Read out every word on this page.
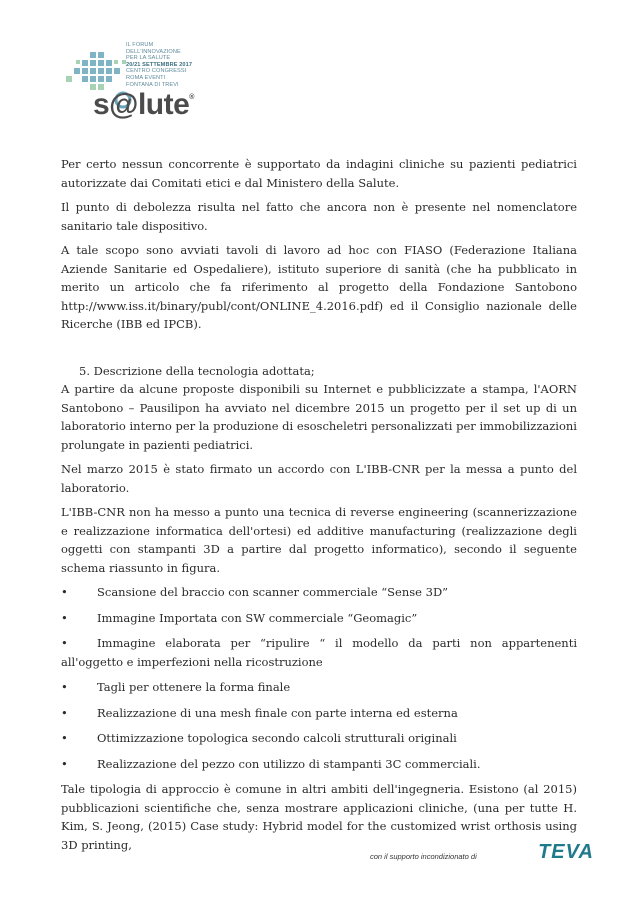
IL FORUM
DELL'INNOVAZIONE
PER LA SALUTE
20/21 SETTEMBRE 2017
CENTRO CONGRESSI
ROMA EVENTI
FONTANA DI TREVI
s@lute®

Per certo nessun concorrente è supportato da indagini cliniche su pazienti pediatrici autorizzate dai Comitati etici e dal Ministero della Salute.

Il punto di debolezza risulta nel fatto che ancora non è presente nel nomenclatore sanitario tale dispositivo.

A tale scopo sono avviati tavoli di lavoro ad hoc con FIASO (Federazione Italiana Aziende Sanitarie ed Ospedaliere), istituto superiore di sanità (che ha pubblicato in merito un articolo che fa riferimento al progetto della Fondazione Santobono http://www.iss.it/binary/publ/cont/ONLINE_4.2016.pdf) ed il Consiglio nazionale delle Ricerche (IBB ed IPCB).

5. Descrizione della tecnologia adottata;

A partire da alcune proposte disponibili su Internet e pubblicizzate a stampa, l'AORN Santobono – Pausilipon ha avviato nel dicembre 2015 un progetto per il set up di un laboratorio interno per la produzione di esoscheletri personalizzati per immobilizzazioni prolungate in pazienti pediatrici.

Nel marzo 2015 è stato firmato un accordo con L'IBB-CNR per la messa a punto del laboratorio.

L'IBB-CNR non ha messo a punto una tecnica di reverse engineering (scannerizzazione e realizzazione informatica dell'ortesi) ed additive manufacturing (realizzazione degli oggetti con stampanti 3D a partire dal progetto informatico), secondo il seguente schema riassunto in figura.

•	Scansione del braccio con scanner commerciale “Sense 3D”
•	Immagine Importata con SW commerciale “Geomagic”
•	Immagine elaborata per “ripulire “ il modello da parti non appartenenti all'oggetto e imperfezioni nella ricostruzione
•	Tagli per ottenere la forma finale
•	Realizzazione di una mesh finale con parte interna ed esterna
•	Ottimizzazione topologica secondo calcoli strutturali originali
•	Realizzazione del pezzo con utilizzo di stampanti 3C commerciali.

Tale tipologia di approccio è comune in altri ambiti dell'ingegneria. Esistono (al 2015) pubblicazioni scientifiche che, senza mostrare applicazioni cliniche, (una per tutte H. Kim, S. Jeong, (2015) Case study: Hybrid model for the customized wrist orthosis using 3D printing,

con il supporto incondizionato di	TEVA
